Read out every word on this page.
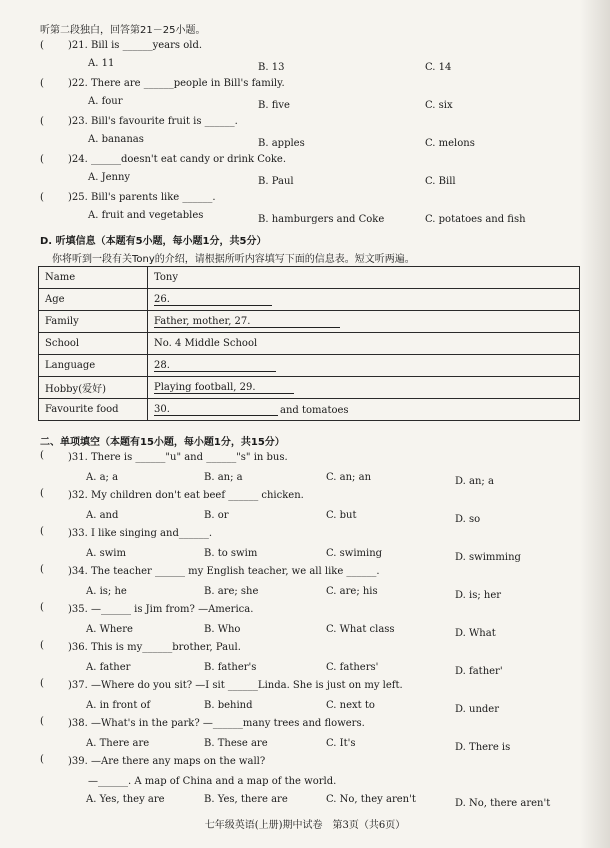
听第二段独白，回答第21－25小题。
( )21. Bill is ______years old.
A. 11	B. 13	C. 14
( )22. There are ______people in Bill's family.
A. four	B. five	C. six
( )23. Bill's favourite fruit is ______.
A. bananas	B. apples	C. melons
( )24. ______doesn't eat candy or drink Coke.
A. Jenny	B. Paul	C. Bill
( )25. Bill's parents like ______.
A. fruit and vegetables	B. hamburgers and Coke	C. potatoes and fish
D. 听填信息（本题有5小题，每小题1分，共5分）
你将听到一段有关Tony的介绍，请根据所听内容填写下面的信息表。短文听两遍。
Name	Tony
Age	26.
Family	Father, mother, 27.
School	No. 4 Middle School
Language	28.
Hobby(爱好)	Playing football, 29.
Favourite food	30. and tomatoes
二、单项填空（本题有15小题，每小题1分，共15分）
( )31. There is ______"u" and ______"s" in bus.
A. a; a	B. an; a	C. an; an	D. an; a
( )32. My children don't eat beef ______ chicken.
A. and	B. or	C. but	D. so
( )33. I like singing and______.
A. swim	B. to swim	C. swiming	D. swimming
( )34. The teacher ______ my English teacher, we all like ______.
A. is; he	B. are; she	C. are; his	D. is; her
( )35. —______ is Jim from? —America.
A. Where	B. Who	C. What class	D. What
( )36. This is my______brother, Paul.
A. father	B. father's	C. fathers'	D. father'
( )37. —Where do you sit? —I sit ______Linda. She is just on my left.
A. in front of	B. behind	C. next to	D. under
( )38. —What's in the park? —______many trees and flowers.
A. There are	B. These are	C. It's	D. There is
( )39. —Are there any maps on the wall?
—______. A map of China and a map of the world.
A. Yes, they are	B. Yes, there are	C. No, they aren't	D. No, there aren't
七年级英语(上册)期中试卷　第3页（共6页）
